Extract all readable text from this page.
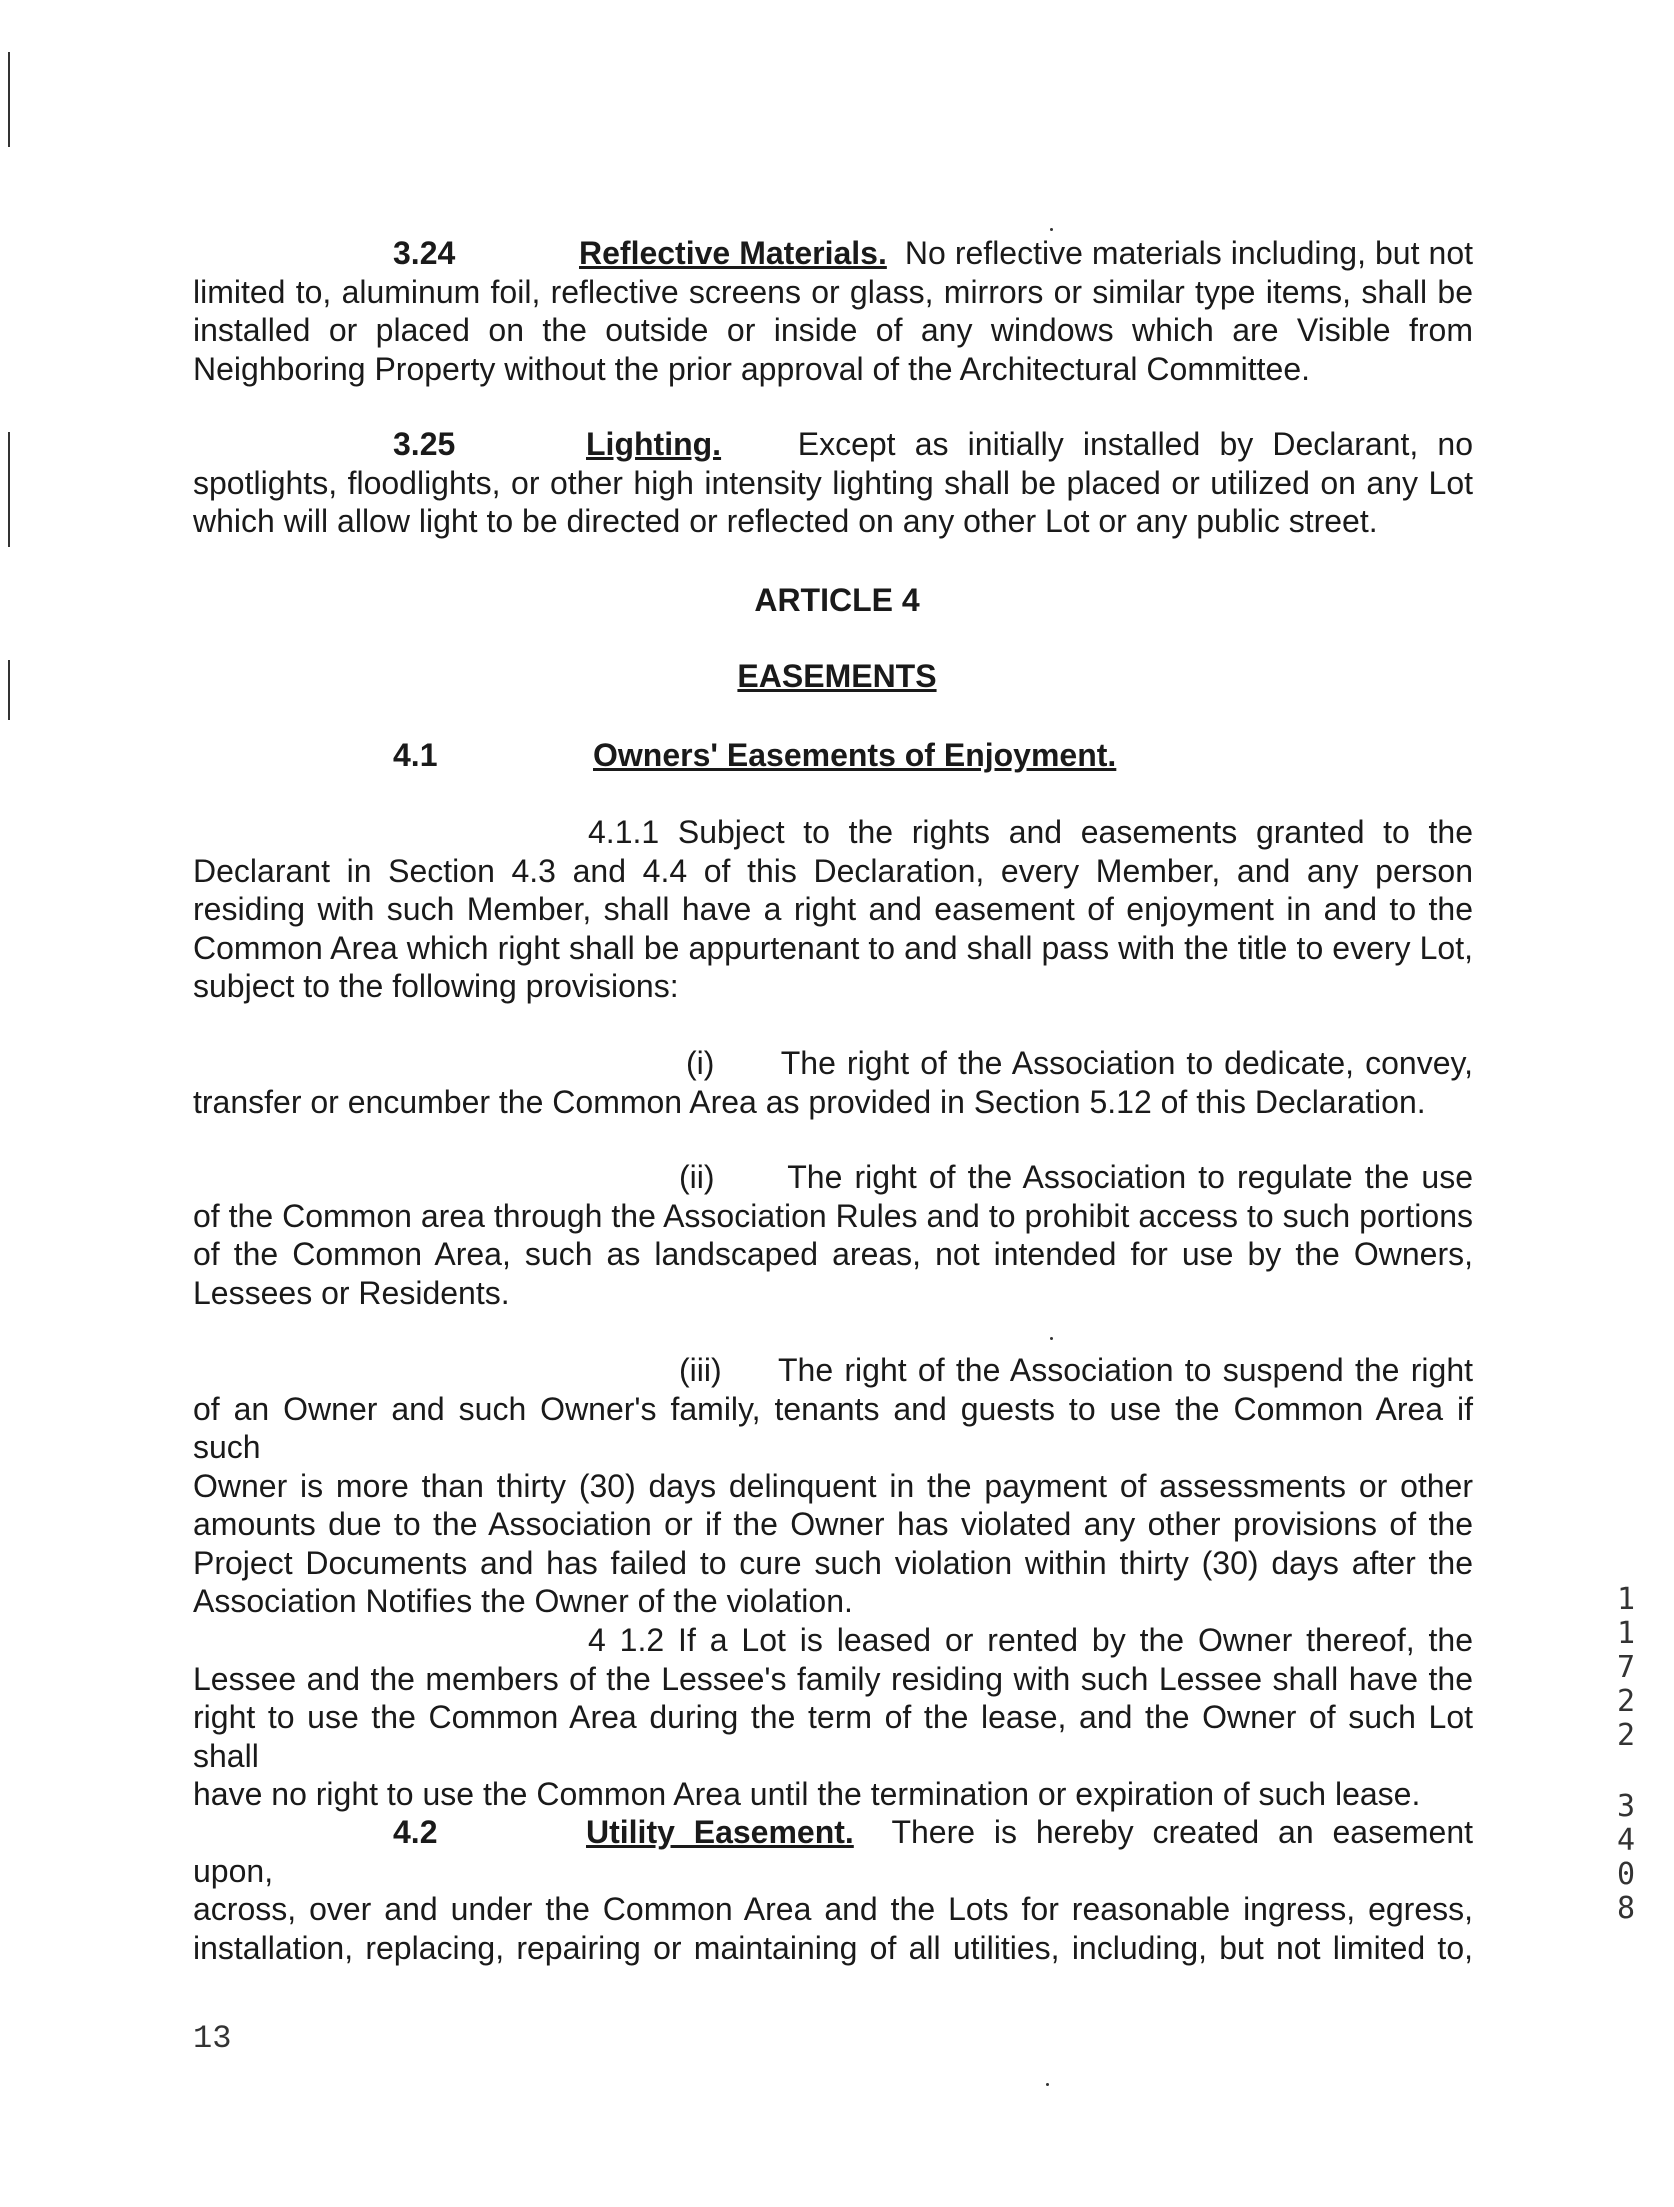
3.24	Reflective Materials. No reflective materials including, but not
limited to, aluminum foil, reflective screens or glass, mirrors or similar type items, shall be
installed or placed on the outside or inside of any windows which are Visible from
Neighboring Property without the prior approval of the Architectural Committee.
3.25	Lighting. Except as initially installed by Declarant, no
spotlights, floodlights, or other high intensity lighting shall be placed or utilized on any Lot
which will allow light to be directed or reflected on any other Lot or any public street.
ARTICLE 4
EASEMENTS
4.1	Owners' Easements of Enjoyment.
4.1.1 Subject to the rights and easements granted to the
Declarant in Section 4.3 and 4.4 of this Declaration, every Member, and any person
residing with such Member, shall have a right and easement of enjoyment in and to the
Common Area which right shall be appurtenant to and shall pass with the title to every Lot,
subject to the following provisions:
(i)      The right of the Association to dedicate, convey,
transfer or encumber the Common Area as provided in Section 5.12 of this Declaration.
(ii)      The right of the Association to regulate the use
of the Common area through the Association Rules and to prohibit access to such portions
of the Common Area, such as landscaped areas, not intended for use by the Owners,
Lessees or Residents.
(iii)     The right of the Association to suspend the right
of an Owner and such Owner's family, tenants and guests to use the Common Area if such
Owner is more than thirty (30) days delinquent in the payment of assessments or other
amounts due to the Association or if the Owner has violated any other provisions of the
Project Documents and has failed to cure such violation within thirty (30) days after the
Association Notifies the Owner of the violation.
4 1.2 If a Lot is leased or rented by the Owner thereof, the
Lessee and the members of the Lessee's family residing with such Lessee shall have the
right to use the Common Area during the term of the lease, and the Owner of such Lot shall
have no right to use the Common Area until the termination or expiration of such lease.
4.2	Utility Easement. There is hereby created an easement upon,
across, over and under the Common Area and the Lots for reasonable ingress, egress,
installation, replacing, repairing or maintaining of all utilities, including, but not limited to,
13
1
1
7
2
2
3
4
0
8
